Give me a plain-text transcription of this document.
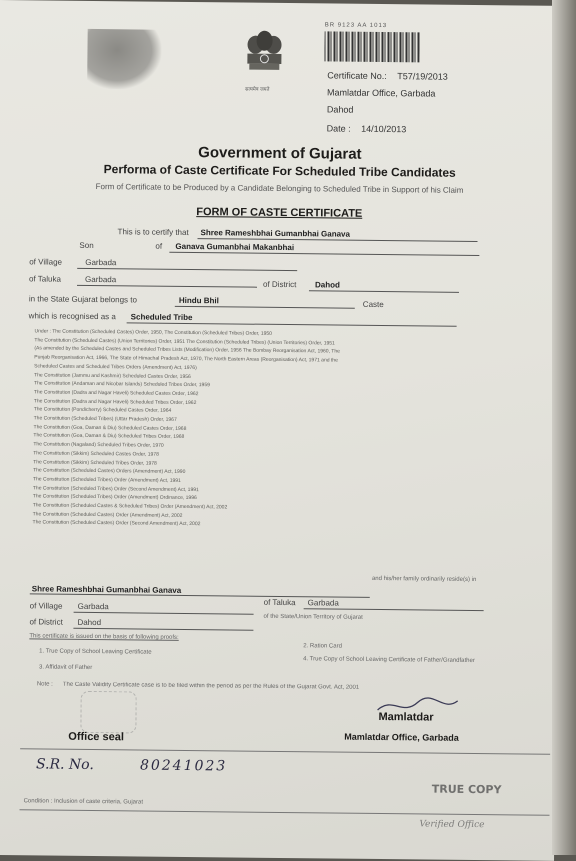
सत्यमेव जयते
BR 9123 AA 1013
Certificate No.: T57/19/2013
Mamlatdar Office, Garbada
Dahod
Date : 14/10/2013
Government of Gujarat
Performa of Caste Certificate For Scheduled Tribe Candidates
Form of Certificate to be Produced by a Candidate Belonging to Scheduled Tribe in Support of his Claim
FORM OF CASTE CERTIFICATE
This is to certify that Shree Rameshbhai Gumanbhai Ganava
Son	of Ganava Gumanbhai Makanbhai
of Village	Garbada
of Taluka	Garbada
of District Dahod
in the State Gujarat belongs to	Hindu Bhil	Caste
which is recognised as a Scheduled Tribe
Under : The Constitution (Scheduled Castes) Order, 1950, The Constitution (Scheduled Tribes) Order, 1950
The Constitution (Scheduled Castes) (Union Territories) Order, 1951 The Constitution (Scheduled Tribes) (Union Territories) Order, 1951
(As amended by the Scheduled Castes and Scheduled Tribes Lists (Modification) Order, 1956 The Bombay Reorganisation Act, 1960, The
Punjab Reorganisation Act, 1966, The State of Himachal Pradesh Act, 1970, The North Eastern Areas (Reorganisation) Act, 1971 and the
Scheduled Castes and Scheduled Tribes Orders (Amendment) Act, 1976)
The Constitution (Jammu and Kashmir) Scheduled Castes Order, 1956
The Constitution (Andaman and Nicobar Islands) Scheduled Tribes Order, 1959
The Constitution (Dadra and Nagar Haveli) Scheduled Castes Order, 1962
The Constitution (Dadra and Nagar Haveli) Scheduled Tribes Order, 1962
The Constitution (Pondicherry) Scheduled Castes Order, 1964
The Constitution (Scheduled Tribes) (Uttar Pradesh) Order, 1967
The Constitution (Goa, Daman & Diu) Scheduled Castes Order, 1968
The Constitution (Goa, Daman & Diu) Scheduled Tribes Order, 1968
The Constitution (Nagaland) Scheduled Tribes Order, 1970
The Constitution (Sikkim) Scheduled Castes Order, 1978
The Constitution (Sikkim) Scheduled Tribes Order, 1978
The Constitution (Scheduled Castes) Orders (Amendment) Act, 1990
The Constitution (Scheduled Tribes) Order (Amendment) Act, 1991
The Constitution (Scheduled Tribes) Order (Second Amendment) Act, 1991
The Constitution (Scheduled Tribes) Order (Amendment) Ordinance, 1996
The Constitution (Scheduled Castes & Scheduled Tribes) Order (Amendment) Act, 2002
The Constitution (Scheduled Castes) Order (Amendment) Act, 2002
The Constitution (Scheduled Castes) Order (Second Amendment) Act, 2002
Shree Rameshbhai Gumanbhai Ganava
and his/her family ordinarily reside(s) in
of Village Garbada	of Taluka Garbada
of District Dahod
of the State/Union Territory of Gujarat
This certificate is issued on the basis of following proofs:
1. True Copy of School Leaving Certificate
3. Affidavit of Father
2. Ration Card
4. True Copy of School Leaving Certificate of Father/Grandfather
Note : The Caste Validity Certificate case is to be filed within the period as per the Rules of the Gujarat Govt. Act, 2001
Office seal
Mamlatdar
Mamlatdar Office, Garbada
S.R. No.	80241023
Condition : Inclusion of caste criteria, Gujarat
TRUE COPY
Verified Office
